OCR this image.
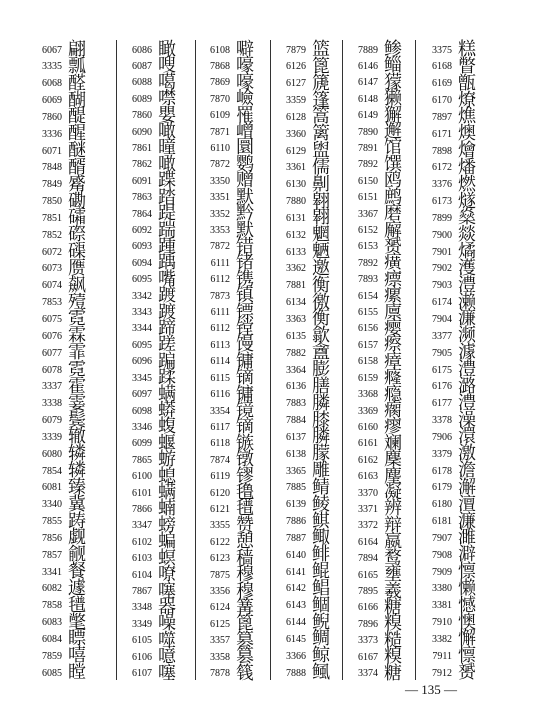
6067 翩
3335 瓢
6068 醛
6069 醐
7860 醍
3336 醒
6071 醚
7848 醑
7849 觱
7850 磡
7851 礵
7852 磜
6072 磲
6073 赝
6074 飙
7853 殪
6075 霓
6076 霖
6077 霏
6078 霓
3337 霍
3338 霎
6079 鬓
3339 辙
6080 辚
7854 辚
6081 臻
3340 冀
7855 踌
7856 觑
7857 觎
3341 餐
6082 遽
7858 氆
6083 氅
6084 瞟
7859 嘻
6085 瞠
6086 瞰
6087 嗖
6088 噶
6089 噤
7860 嬰
6090 噉
7861 曈
7862 噉
6091 蹀
7863 踏
7864 踶
6092 踹
6093 踵
6094 踽
6095 嘴
3342 踱
3343 踱
3344 蹄
6095 蹉
6096 蹁
3345 蹂
6097 螨
6098 蟒
3346 蝮
6099 蝘
7865 蝣
6100 螅
6101 螨
7866 蝻
3347 螃
6102 蝙
6103 螟
6104 嘹
7867 噻
3348 器
3349 噪
6105 噬
6106 噫
6107 噻
6108 噼
7868 嚎
7869 嚎
7870 嶮
6109 罹
7871 嶒
6110 圜
7872 鹦
3350 赠
3351 默
3352 黔
3353 默
7872 错
6111 锗
6112 镌
7873 镇
6111 镖
6112 镗
6113 馒
6114 镛
6115 镝
6116 镛
3354 镜
6117 镝
6118 镞
7874 镦
6119 镠
6120 氇
6121 氆
3355 赞
6122 憩
6123 穑
7875 穆
3356 穆
6124 篝
6125 篦
3357 篡
3358 篡
7878 篯
7879 篮
6126 篦
6127 篪
3359 篷
6128 篙
3360 篱
6129 盥
3361 儒
6130 劓
7880 翱
6131 翱
6132 魍
6133 魉
3362 邀
7881 衡
6134 徼
3363 衡
6135 歙
7882 盦
3364 膨
6136 膳
7883 膦
7884 膝
6137 膦
6138 朦
3365 雕
7885 鲭
6139 鲮
7886 鲯
7887 鲰
6140 鲱
6141 鲲
6142 鲳
6143 鲴
6144 鲵
6145 鲷
3366 鲸
7888 鲺
7889 鲹
6146 鲻
6147 獴
6148 獭
6149 獬
7890 邂
7891 馆
7892 馔
6150 鸥
6151 鹧
3367 磨
6152 廨
6153 赟
7892 癀
7893 瘭
6154 瘰
6155 廪
6156 瘿
6157 瘵
6158 瘴
6159 癃
3368 瘾
3369 瘸
6160 瘳
6161 斓
6162 麇
6163 麈
3370 凝
3371 辨
3372 辩
6164 嬴
7894 鹜
6165 壅
7895 羲
6166 糖
7896 糗
3373 糙
6167 糗
3374 糖
3375 糕
6168 瞥
6169 甑
6170 燎
7897 燋
6171 燠
7898 燴
6172 燔
3376 燃
6173 燧
7899 燊
7900 燚
7901 燏
7902 濩
7903 澧
6174 濑
7904 濂
3377 濒
7905 澽
6175 澧
6176 潞
6177 澧
3378 澡
7906 澴
3379 激
6178 澹
6179 澥
6180 澶
6181 濂
7907 濉
7908 澼
7909 懔
3380 懒
3381 憾
7910 懊
3382 懈
7911 懔
7912 赟
— 135 —
